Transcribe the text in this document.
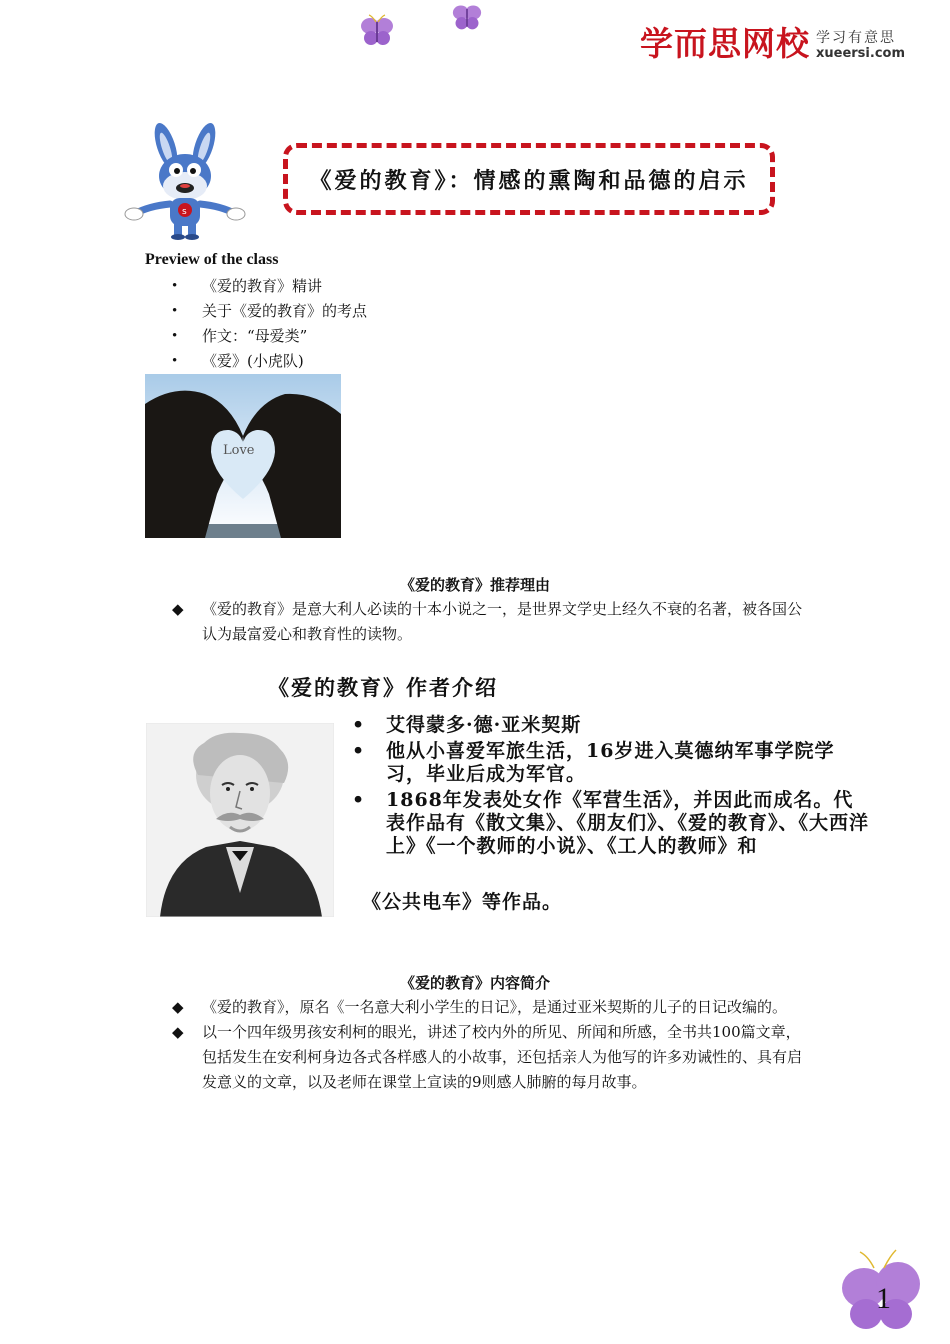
学而思网校 学习有意思
xueersi.com
s
《爱的教育》：情感的熏陶和品德的启示
Preview of the class
•	《爱的教育》精讲
•	关于《爱的教育》的考点
•	作文：“母爱类”
•	《爱》(小虎队)
Love
《爱的教育》推荐理由
◆	《爱的教育》是意大利人必读的十本小说之一，是世界文学史上经久不衰的名著，被各国公认为最富爱心和教育性的读物。
《爱的教育》作者介绍
•	艾得蒙多·德·亚米契斯
•	他从小喜爱军旅生活，16岁进入莫德纳军事学院学习，毕业后成为军官。
•	1868年发表处女作《军营生活》，并因此而成名。代表作品有《散文集》、《朋友们》、《爱的教育》、《大西洋上》《一个教师的小说》、《工人的教师》和
《公共电车》等作品。
《爱的教育》内容简介
◆	《爱的教育》，原名《一名意大利小学生的日记》，是通过亚米契斯的儿子的日记改编的。
◆	以一个四年级男孩安利柯的眼光，讲述了校内外的所见、所闻和所感，全书共100篇文章，包括发生在安利柯身边各式各样感人的小故事，还包括亲人为他写的许多劝诫性的、具有启发意义的文章，以及老师在课堂上宣读的9则感人肺腑的每月故事。
1
